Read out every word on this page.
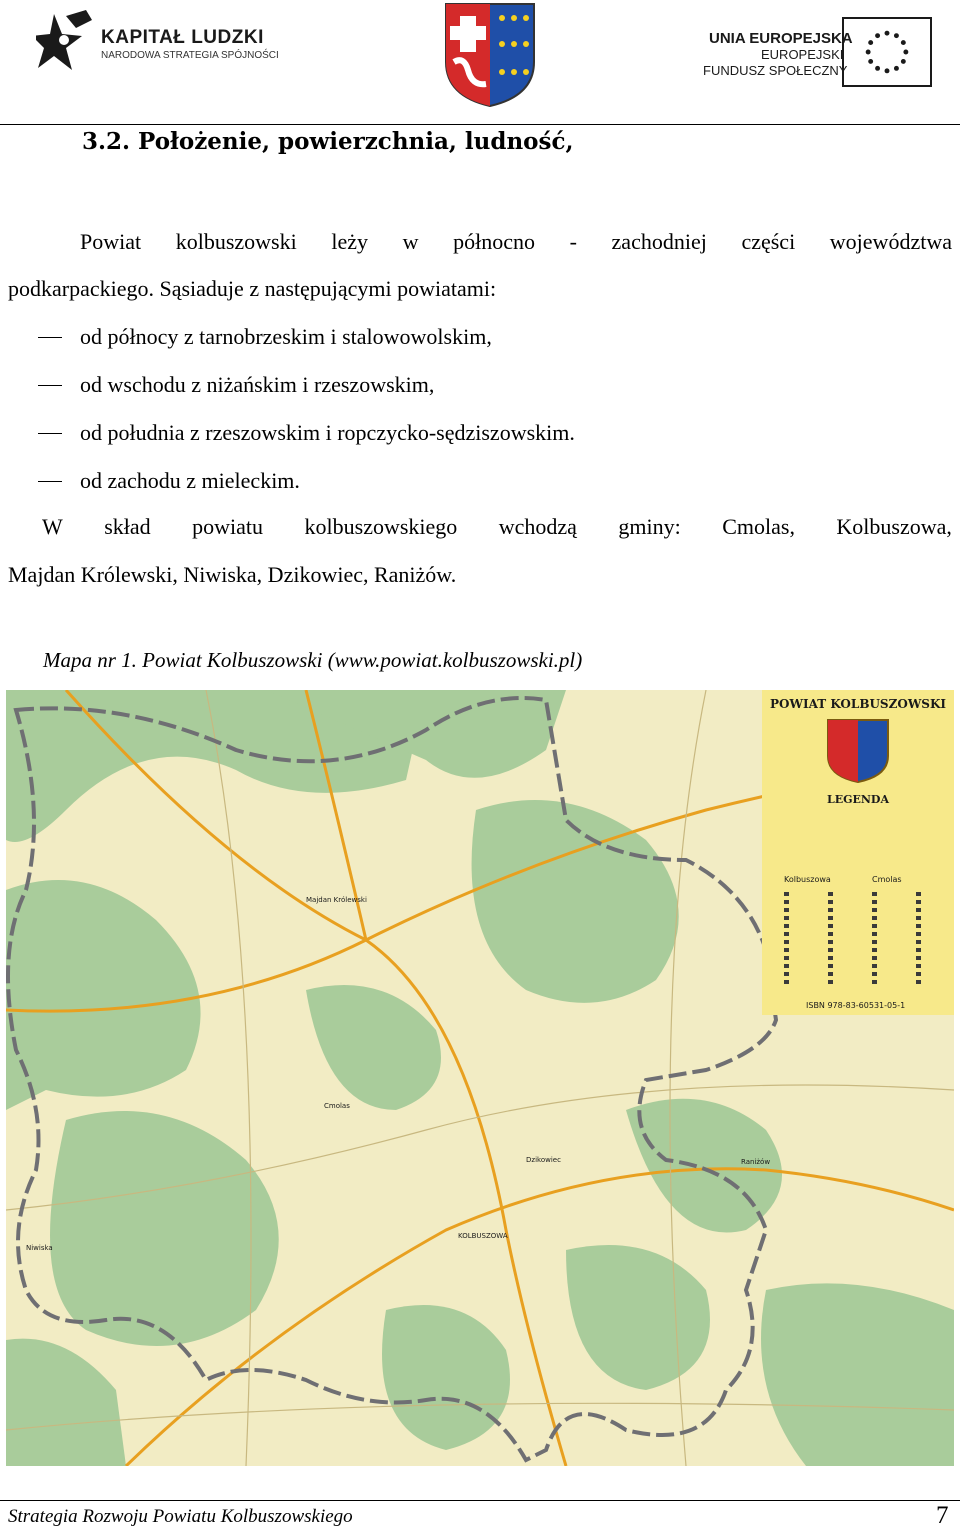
KAPITAŁ LUDZKI
NARODOWA STRATEGIA SPÓJNOŚCI
UNIA EUROPEJSKA
EUROPEJSKI
FUNDUSZ SPOŁECZNY
3.2. Położenie, powierzchnia, ludność,
Powiat kolbuszowski leży w północno - zachodniej części województwa
podkarpackiego. Sąsiaduje z następującymi powiatami:
od północy z tarnobrzeskim i stalowowolskim,
od wschodu z niżańskim i rzeszowskim,
od południa z rzeszowskim i ropczycko-sędziszowskim.
od zachodu z mieleckim.
W skład powiatu kolbuszowskiego wchodzą gminy: Cmolas, Kolbuszowa,
Majdan Królewski, Niwiska, Dzikowiec, Raniżów.
Mapa nr 1. Powiat Kolbuszowski (www.powiat.kolbuszowski.pl)
POWIAT KOLBUSZOWSKI
LEGENDA
Kolbuszowa	Cmolas
ISBN 978-83-60531-05-1
Majdan Królewski
Cmolas
Dzikowiec	Raniżów
KOLBUSZOWA
Niwiska
Strategia Rozwoju Powiatu Kolbuszowskiego	7
